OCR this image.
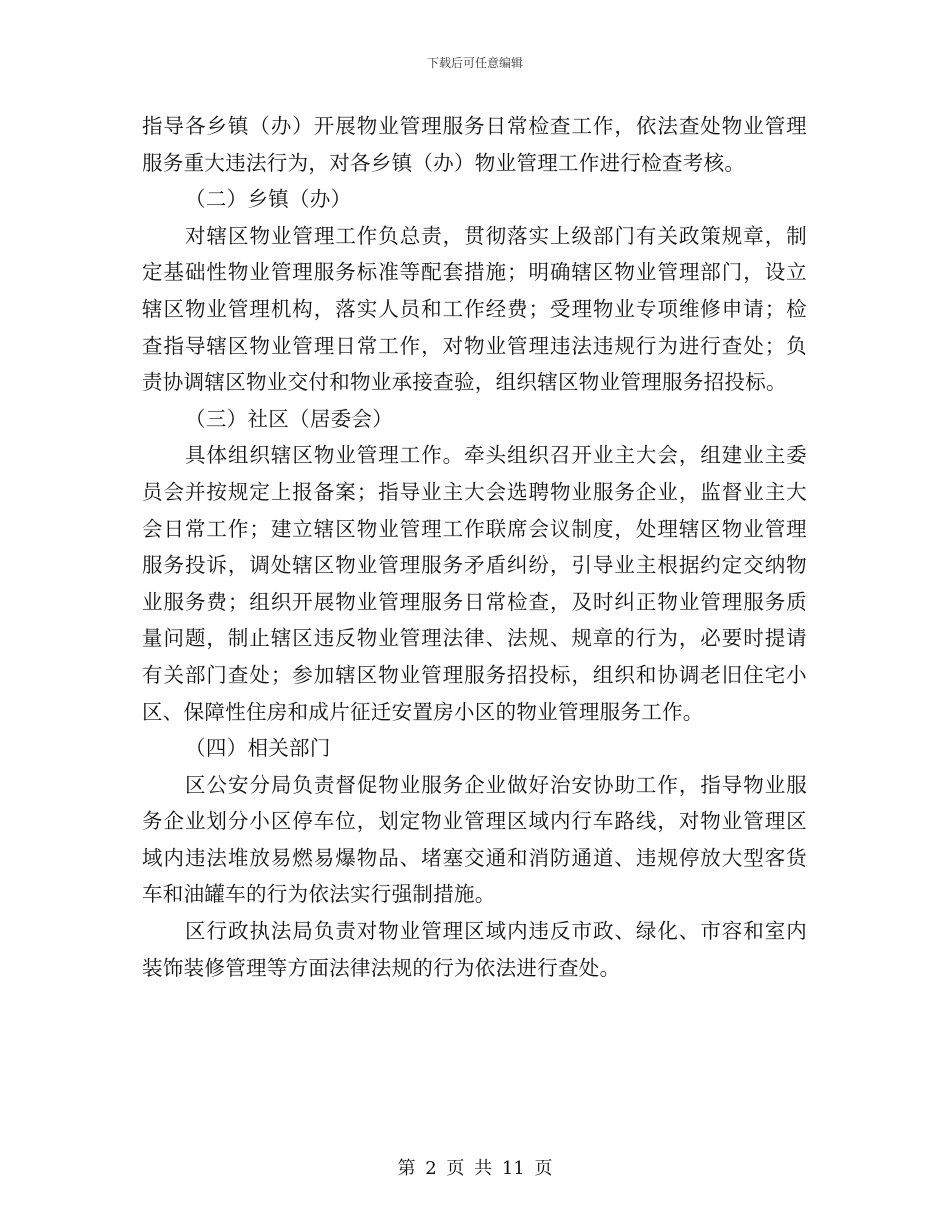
下载后可任意编辑

指导各乡镇（办）开展物业管理服务日常检查工作，依法查处物业管理服务重大违法行为，对各乡镇（办）物业管理工作进行检查考核。

（二）乡镇（办）

对辖区物业管理工作负总责，贯彻落实上级部门有关政策规章，制定基础性物业管理服务标准等配套措施；明确辖区物业管理部门，设立辖区物业管理机构，落实人员和工作经费；受理物业专项维修申请；检查指导辖区物业管理日常工作，对物业管理违法违规行为进行查处；负责协调辖区物业交付和物业承接查验，组织辖区物业管理服务招投标。

（三）社区（居委会）

具体组织辖区物业管理工作。牵头组织召开业主大会，组建业主委员会并按规定上报备案；指导业主大会选聘物业服务企业，监督业主大会日常工作；建立辖区物业管理工作联席会议制度，处理辖区物业管理服务投诉，调处辖区物业管理服务矛盾纠纷，引导业主根据约定交纳物业服务费；组织开展物业管理服务日常检查，及时纠正物业管理服务质量问题，制止辖区违反物业管理法律、法规、规章的行为，必要时提请有关部门查处；参加辖区物业管理服务招投标，组织和协调老旧住宅小区、保障性住房和成片征迁安置房小区的物业管理服务工作。

（四）相关部门

区公安分局负责督促物业服务企业做好治安协助工作，指导物业服务企业划分小区停车位，划定物业管理区域内行车路线，对物业管理区域内违法堆放易燃易爆物品、堵塞交通和消防通道、违规停放大型客货车和油罐车的行为依法实行强制措施。

区行政执法局负责对物业管理区域内违反市政、绿化、市容和室内装饰装修管理等方面法律法规的行为依法进行查处。

第 2 页 共 11 页
